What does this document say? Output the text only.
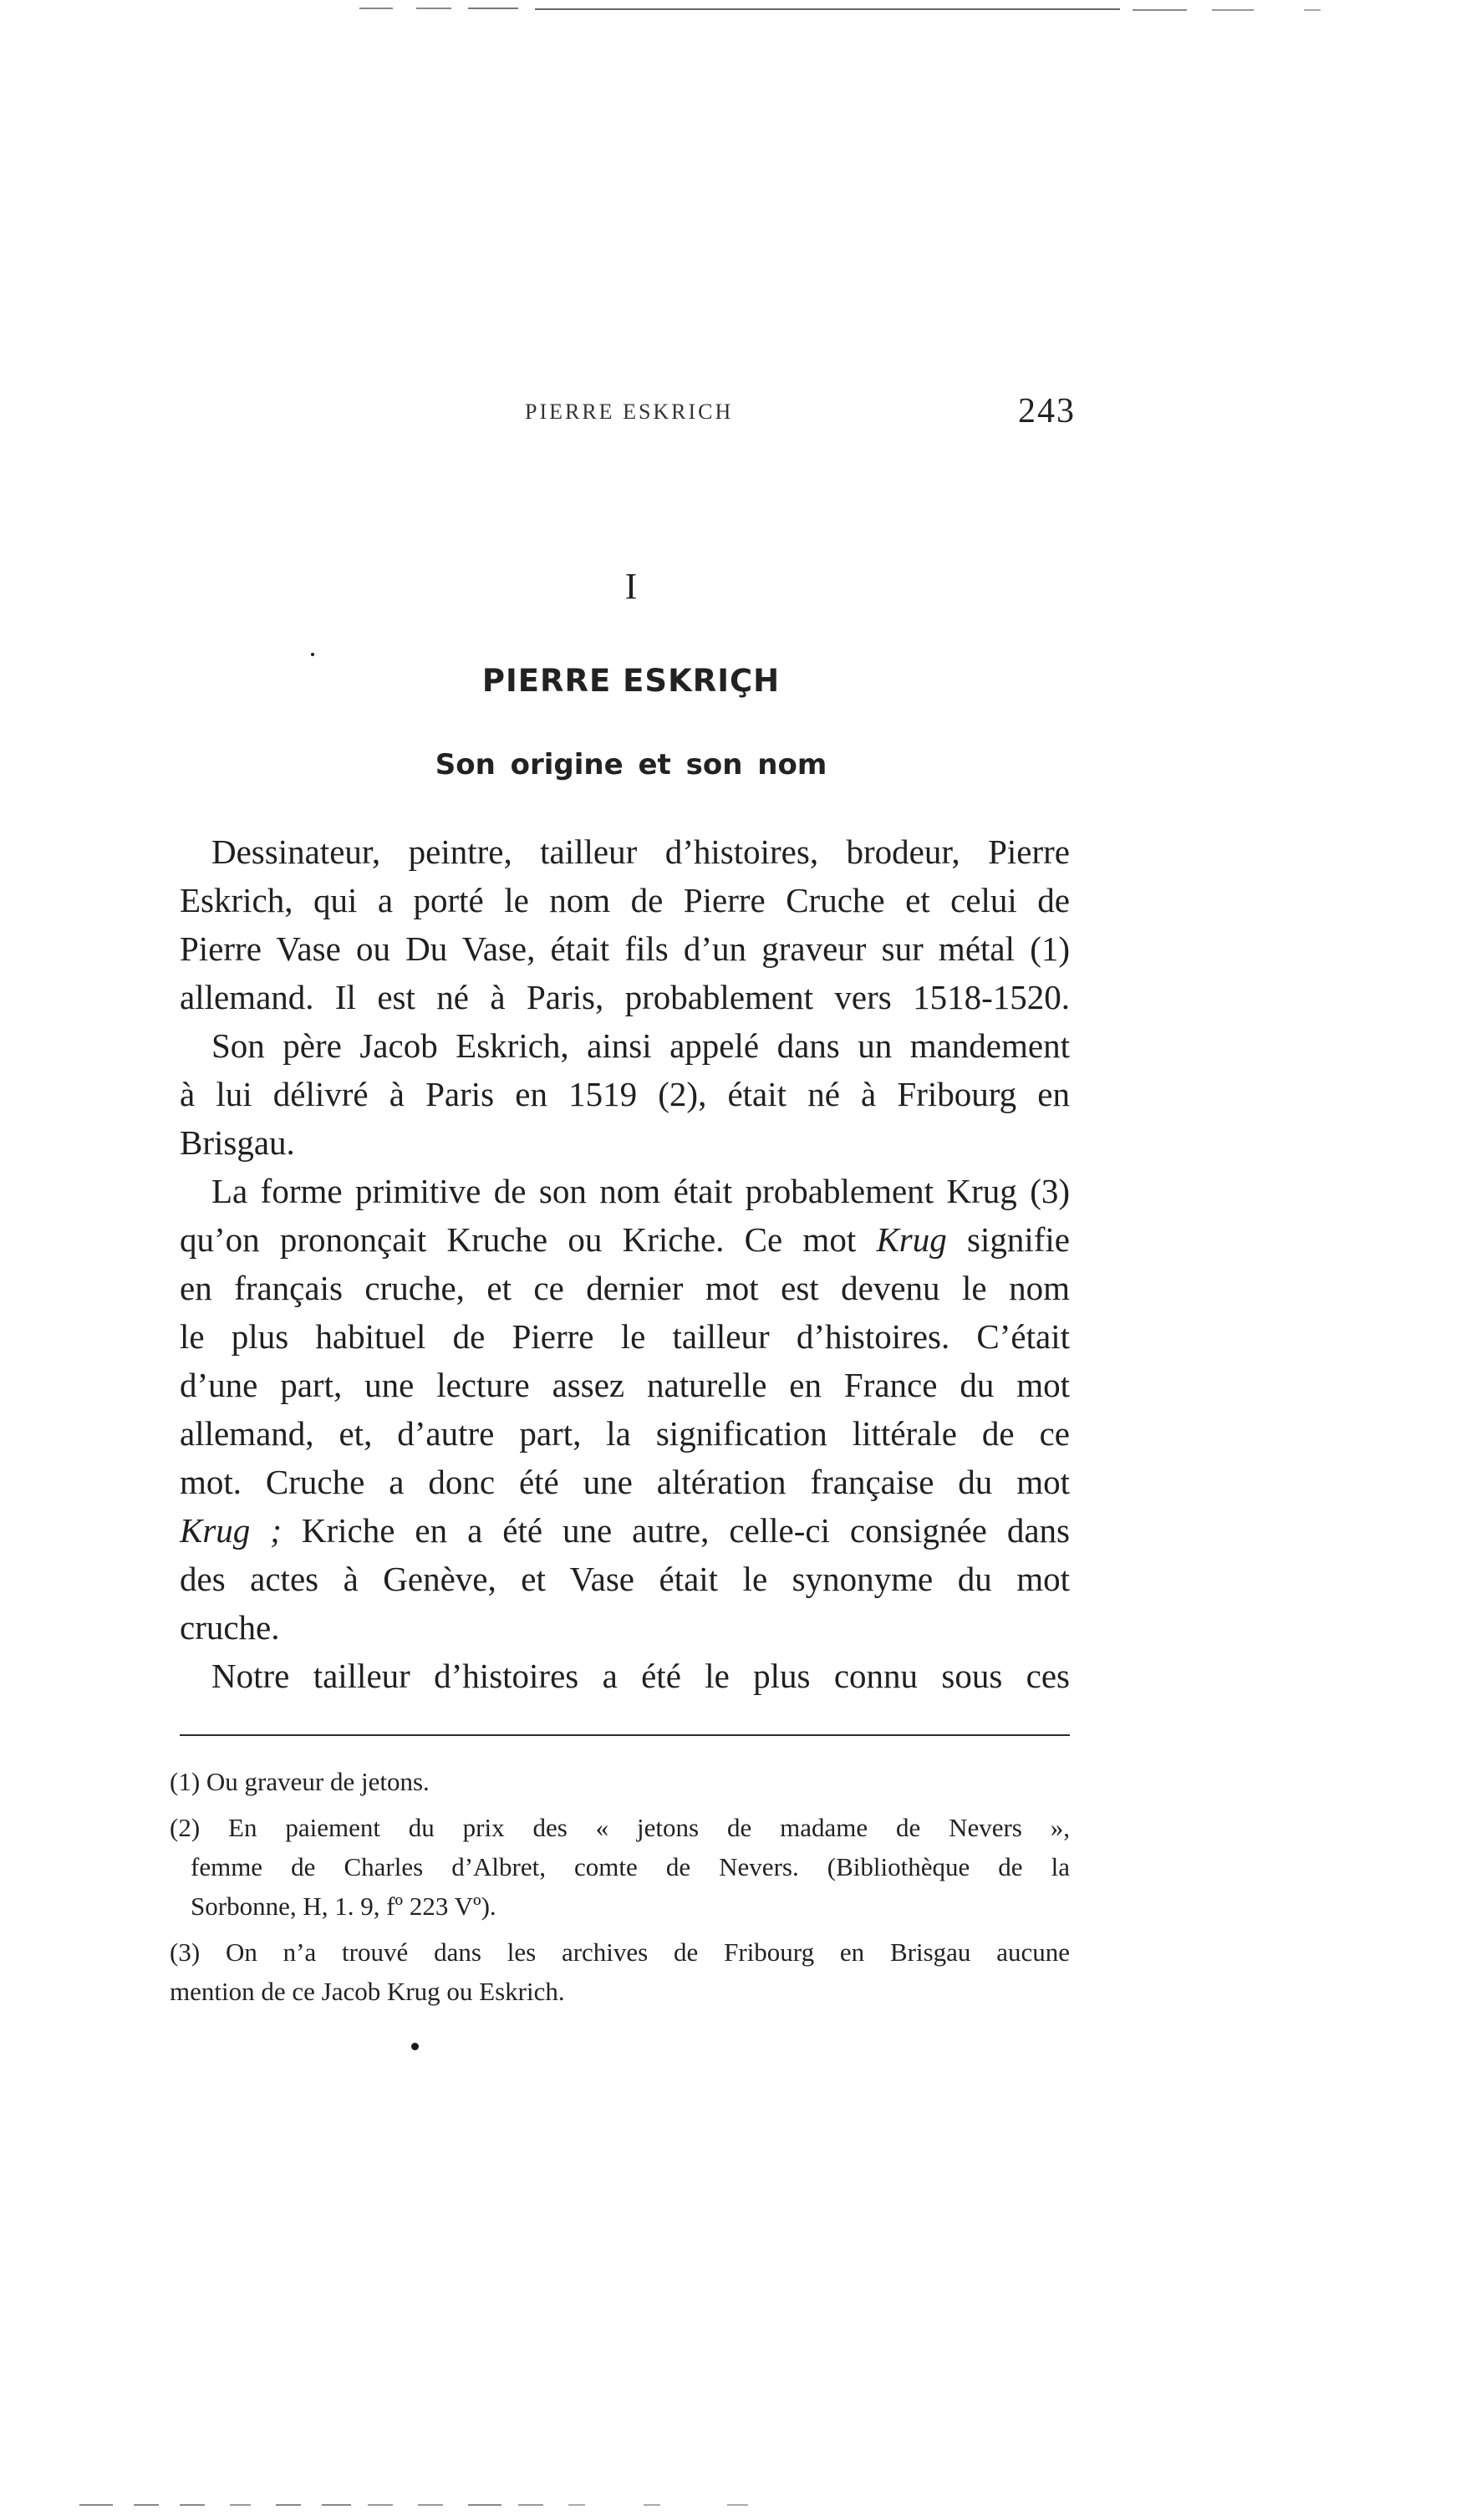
PIERRE ESKRICH	243
I
PIERRE ESKRIÇH
Son origine et son nom
Dessinateur, peintre, tailleur d’histoires, brodeur, Pierre
Eskrich, qui a porté le nom de Pierre Cruche et celui de
Pierre Vase ou Du Vase, était fils d’un graveur sur métal (1)
allemand. Il est né à Paris, probablement vers 1518-1520.
Son père Jacob Eskrich, ainsi appelé dans un mandement
à lui délivré à Paris en 1519 (2), était né à Fribourg en
Brisgau.
La forme primitive de son nom était probablement Krug (3)
qu’on prononçait Kruche ou Kriche. Ce mot Krug signifie
en français cruche, et ce dernier mot est devenu le nom
le plus habituel de Pierre le tailleur d’histoires. C’était
d’une part, une lecture assez naturelle en France du mot
allemand, et, d’autre part, la signification littérale de ce
mot. Cruche a donc été une altération française du mot
Krug ; Kriche en a été une autre, celle-ci consignée dans
des actes à Genève, et Vase était le synonyme du mot
cruche.
Notre tailleur d’histoires a été le plus connu sous ces
(1) Ou graveur de jetons.
(2) En paiement du prix des « jetons de madame de Nevers »,
femme de Charles d’Albret, comte de Nevers. (Bibliothèque de la
Sorbonne, H, 1. 9, fº 223 Vº).
(3) On n’a trouvé dans les archives de Fribourg en Brisgau aucune
mention de ce Jacob Krug ou Eskrich.
